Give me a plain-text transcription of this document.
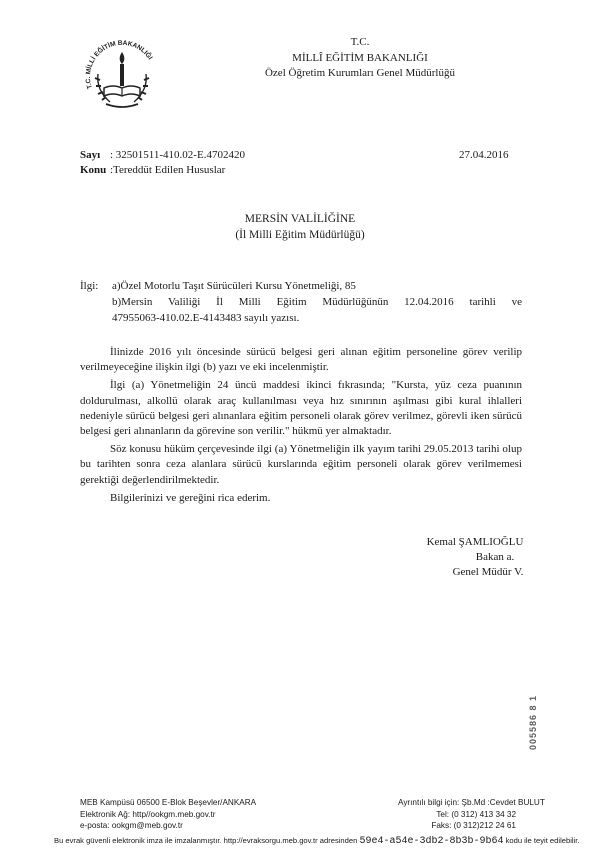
T.C. MİLLİ EĞİTİM BAKANLIĞI
T.C.
MİLLÎ EĞİTİM BAKANLIĞI
Özel Öğretim Kurumları Genel Müdürlüğü
Sayı : 32501511-410.02-E.4702420	27.04.2016
Konu :Tereddüt Edilen Hususlar
MERSİN VALİLİĞİNE
(İl Milli Eğitim Müdürlüğü)
İlgi: a)Özel Motorlu Taşıt Sürücüleri Kursu Yönetmeliği, 85
b)Mersin Valiliği İl Milli Eğitim Müdürlüğünün 12.04.2016 tarihli ve
47955063-410.02.E-4143483 sayılı yazısı.
İlinizde 2016 yılı öncesinde sürücü belgesi geri alınan eğitim personeline görev verilip verilmeyeceğine ilişkin ilgi (b) yazı ve eki incelenmiştir.
İlgi (a) Yönetmeliğin 24 üncü maddesi ikinci fıkrasında; "Kursta, yüz ceza puanının doldurulması, alkollü olarak araç kullanılması veya hız sınırının aşılması gibi kural ihlalleri nedeniyle sürücü belgesi geri alınanlara eğitim personeli olarak görev verilmez, görevli iken sürücü belgesi geri alınanların da görevine son verilir." hükmü yer almaktadır.
Söz konusu hüküm çerçevesinde ilgi (a) Yönetmeliğin ilk yayım tarihi 29.05.2013 tarihi olup bu tarihten sonra ceza alanlara sürücü kurslarında eğitim personeli olarak görev verilmemesi gerektiği değerlendirilmektedir.
Bilgilerinizi ve gereğini rica ederim.
Kemal ŞAMLIOĞLU
Bakan a.
Genel Müdür V.
005586 8 1
MEB Kampüsü 06500 E-Blok Beşevler/ANKARA
Elektronik Ağ: http//ookgm.meb.gov.tr
e-posta: ookgm@meb.gov.tr
Ayrıntılı bilgi için: Şb.Md :Cevdet BULUT
Tel: (0 312) 413 34 32
Faks: (0 312)212 24 61
Bu evrak güvenli elektronik imza ile imzalanmıştır. http://evraksorgu.meb.gov.tr adresinden 59e4-a54e-3db2-8b3b-9b64 kodu ile teyit edilebilir.
